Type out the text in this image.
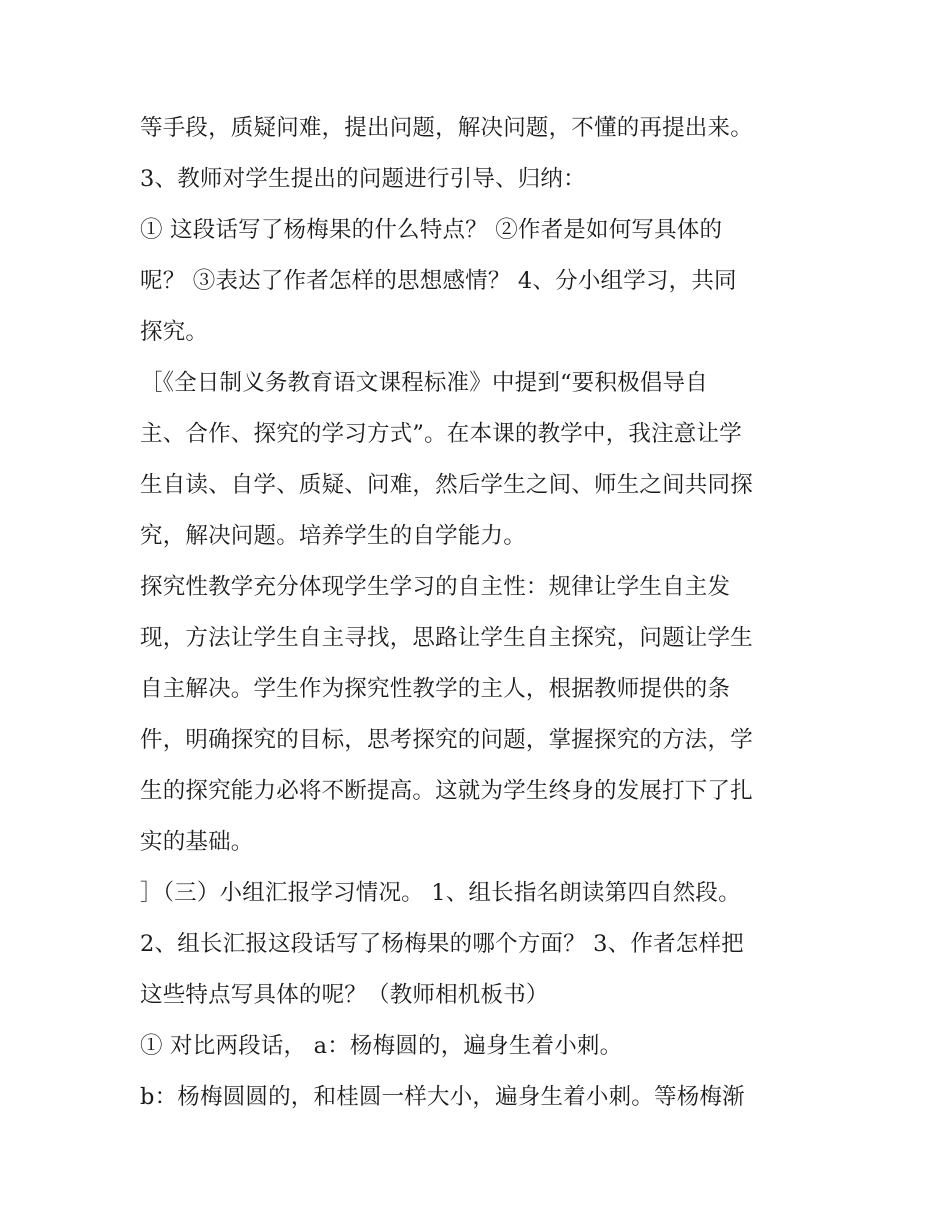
等手段，质疑问难，提出问题，解决问题，不懂的再提出来。
3、教师对学生提出的问题进行引导、归纳：
① 这段话写了杨梅果的什么特点？ ②作者是如何写具体的
呢？ ③表达了作者怎样的思想感情？ 4、分小组学习，共同
探究。
［《全日制义务教育语文课程标准》中提到“要积极倡导自
主、合作、探究的学习方式”。在本课的教学中，我注意让学
生自读、自学、质疑、问难，然后学生之间、师生之间共同探
究，解决问题。培养学生的自学能力。
探究性教学充分体现学生学习的自主性：规律让学生自主发
现，方法让学生自主寻找，思路让学生自主探究，问题让学生
自主解决。学生作为探究性教学的主人，根据教师提供的条
件，明确探究的目标，思考探究的问题，掌握探究的方法，学
生的探究能力必将不断提高。这就为学生终身的发展打下了扎
实的基础。
］（三）小组汇报学习情况。 1、组长指名朗读第四自然段。
2、组长汇报这段话写了杨梅果的哪个方面？ 3、作者怎样把
这些特点写具体的呢？（教师相机板书）
① 对比两段话， a：杨梅圆的，遍身生着小刺。
b：杨梅圆圆的，和桂圆一样大小，遍身生着小刺。等杨梅渐
